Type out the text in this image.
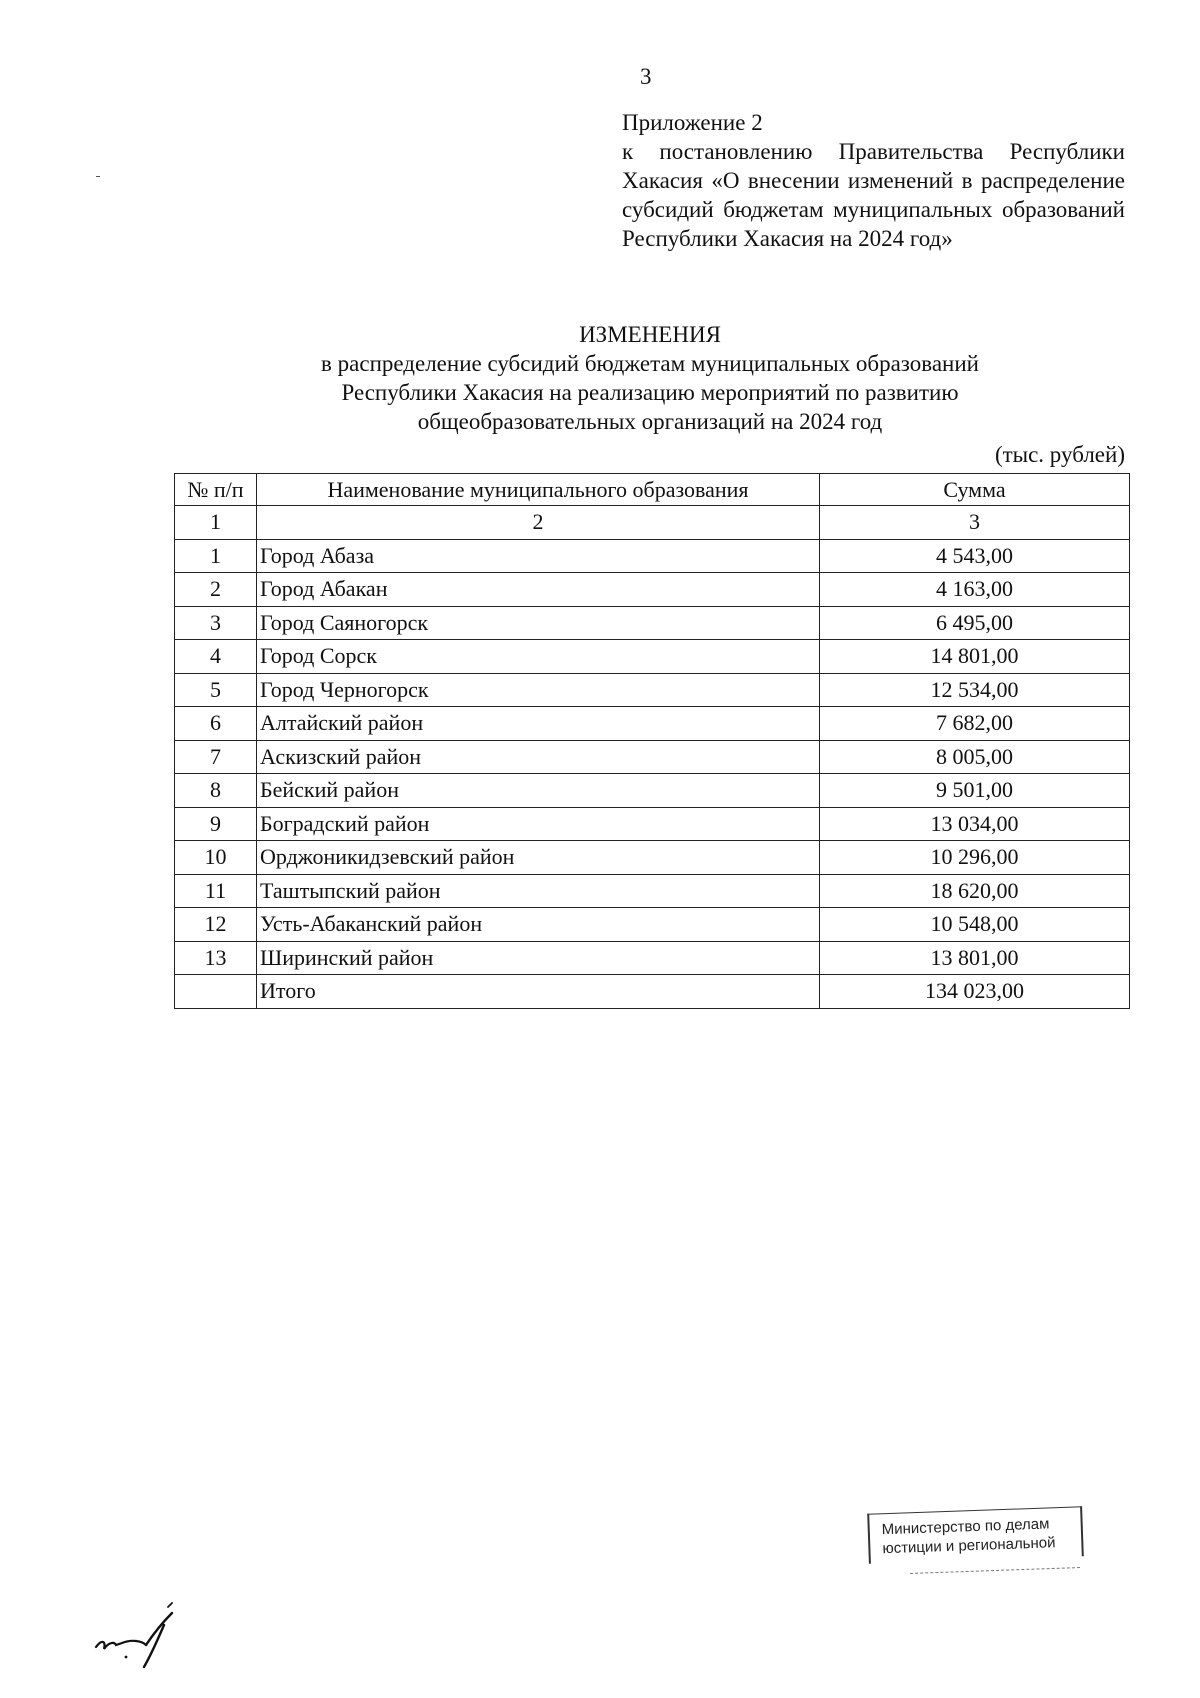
3
Приложение 2
к постановлению Правительства Республики Хакасия «О внесении изменений в распределение субсидий бюджетам муниципальных образований Республики Хакасия на 2024 год»
ИЗМЕНЕНИЯ
в распределение субсидий бюджетам муниципальных образований
Республики Хакасия на реализацию мероприятий по развитию
общеобразовательных организаций на 2024 год
(тыс. рублей)
№ п/п	Наименование муниципального образования	Сумма
1	2	3
1	Город Абаза	4 543,00
2	Город Абакан	4 163,00
3	Город Саяногорск	6 495,00
4	Город Сорск	14 801,00
5	Город Черногорск	12 534,00
6	Алтайский район	7 682,00
7	Аскизский район	8 005,00
8	Бейский район	9 501,00
9	Боградский район	13 034,00
10	Орджоникидзевский район	10 296,00
11	Таштыпский район	18 620,00
12	Усть-Абаканский район	10 548,00
13	Ширинский район	13 801,00
	Итого	134 023,00
Министерство по делам
юстиции и региональной
